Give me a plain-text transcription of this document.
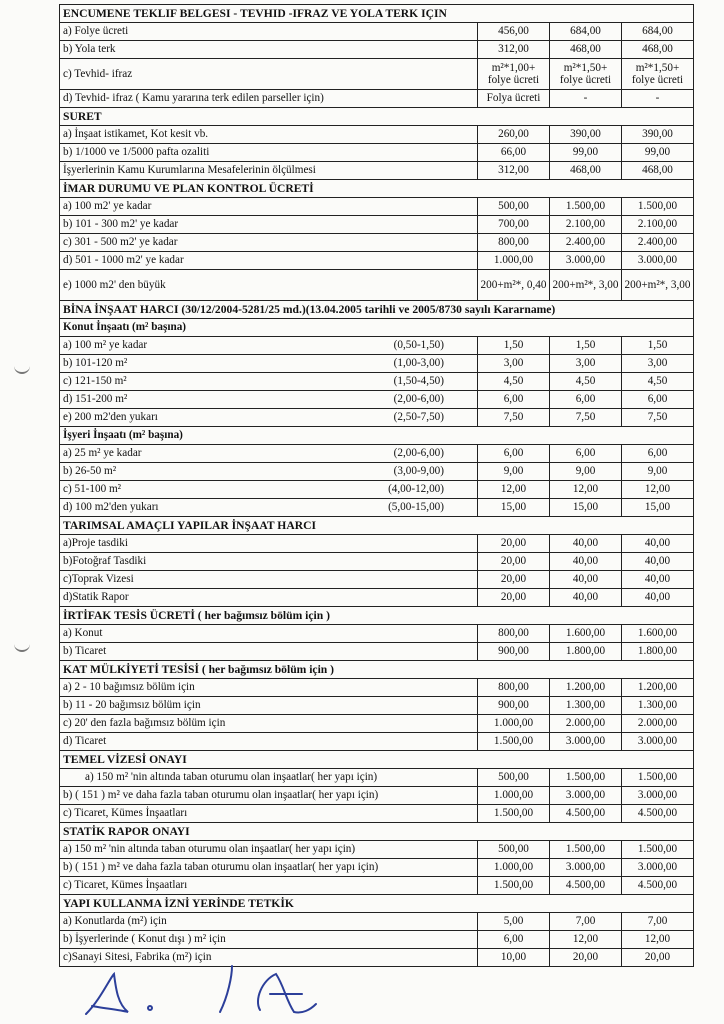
ENCUMENE TEKLIF BELGESI - TEVHID -IFRAZ VE YOLA TERK IÇIN			
a) Folye ücreti	456,00	684,00	684,00
b) Yola terk	312,00	468,00	468,00
c) Tevhid- ifraz	m²*1,00+ folye ücreti	m²*1,50+ folye ücreti	m²*1,50+ folye ücreti
d) Tevhid- ifraz ( Kamu yararına terk edilen parseller için)	Folya ücreti	-	-
SURET			
a) İnşaat istikamet, Kot kesit vb.	260,00	390,00	390,00
b) 1/1000 ve 1/5000 pafta ozaliti	66,00	99,00	99,00
İşyerlerinin Kamu Kurumlarına Mesafelerinin ölçülmesi	312,00	468,00	468,00
İMAR DURUMU VE PLAN KONTROL ÜCRETİ			
a) 100 m2' ye kadar	500,00	1.500,00	1.500,00
b) 101 - 300 m2' ye kadar	700,00	2.100,00	2.100,00
c) 301 - 500 m2' ye kadar	800,00	2.400,00	2.400,00
d) 501 - 1000 m2' ye kadar	1.000,00	3.000,00	3.000,00
e) 1000 m2' den büyük	200+m²*, 0,40	200+m²*, 3,00	200+m²*, 3,00
BİNA İNŞAAT HARCI (30/12/2004-5281/25 md.)(13.04.2005 tarihli ve 2005/8730 sayılı Kararname)			
Konut İnşaatı (m² başına)			

a) 100 m² ye kadar (0,50-1,50)	1,50	1,50	1,50

b) 101-120 m² (1,00-3,00)	3,00	3,00	3,00

c) 121-150 m² (1,50-4,50)	4,50	4,50	4,50

d) 151-200 m² (2,00-6,00)	6,00	6,00	6,00

e) 200 m2'den yukarı (2,50-7,50)	7,50	7,50	7,50
İşyeri İnşaatı (m² başına)			

a) 25 m² ye kadar (2,00-6,00)	6,00	6,00	6,00

b) 26-50 m² (3,00-9,00)	9,00	9,00	9,00

c) 51-100 m² (4,00-12,00)	12,00	12,00	12,00

d) 100 m2'den yukarı (5,00-15,00)	15,00	15,00	15,00
TARIMSAL AMAÇLI YAPILAR İNŞAAT HARCI			
a)Proje tasdiki	20,00	40,00	40,00
b)Fotoğraf Tasdiki	20,00	40,00	40,00
c)Toprak Vizesi	20,00	40,00	40,00
d)Statik Rapor	20,00	40,00	40,00
İRTİFAK TESİS ÜCRETİ ( her bağımsız bölüm için )			
a) Konut	800,00	1.600,00	1.600,00
b) Ticaret	900,00	1.800,00	1.800,00
KAT MÜLKİYETİ TESİSİ ( her bağımsız bölüm için )			
a) 2 - 10 bağımsız bölüm için	800,00	1.200,00	1.200,00
b) 11 - 20 bağımsız bölüm için	900,00	1.300,00	1.300,00
c) 20' den fazla bağımsız bölüm için	1.000,00	2.000,00	2.000,00
d) Ticaret	1.500,00	3.000,00	3.000,00
TEMEL VİZESİ ONAYI			
a) 150 m² 'nin altında taban oturumu olan inşaatlar( her yapı için)	500,00	1.500,00	1.500,00
b) ( 151 ) m² ve daha fazla taban oturumu olan inşaatlar( her yapı için)	1.000,00	3.000,00	3.000,00
c) Ticaret, Kümes İnşaatları	1.500,00	4.500,00	4.500,00
STATİK RAPOR ONAYI			
a) 150 m² 'nin altında taban oturumu olan inşaatlar( her yapı için)	500,00	1.500,00	1.500,00
b) ( 151 ) m² ve daha fazla taban oturumu olan inşaatlar( her yapı için)	1.000,00	3.000,00	3.000,00
c) Ticaret, Kümes İnşaatları	1.500,00	4.500,00	4.500,00
YAPI KULLANMA İZNİ YERİNDE TETKİK			
a) Konutlarda (m²) için	5,00	7,00	7,00
b) İşyerlerinde ( Konut dışı ) m² için	6,00	12,00	12,00
c)Sanayi Sitesi, Fabrika (m²) için	10,00	20,00	20,00
